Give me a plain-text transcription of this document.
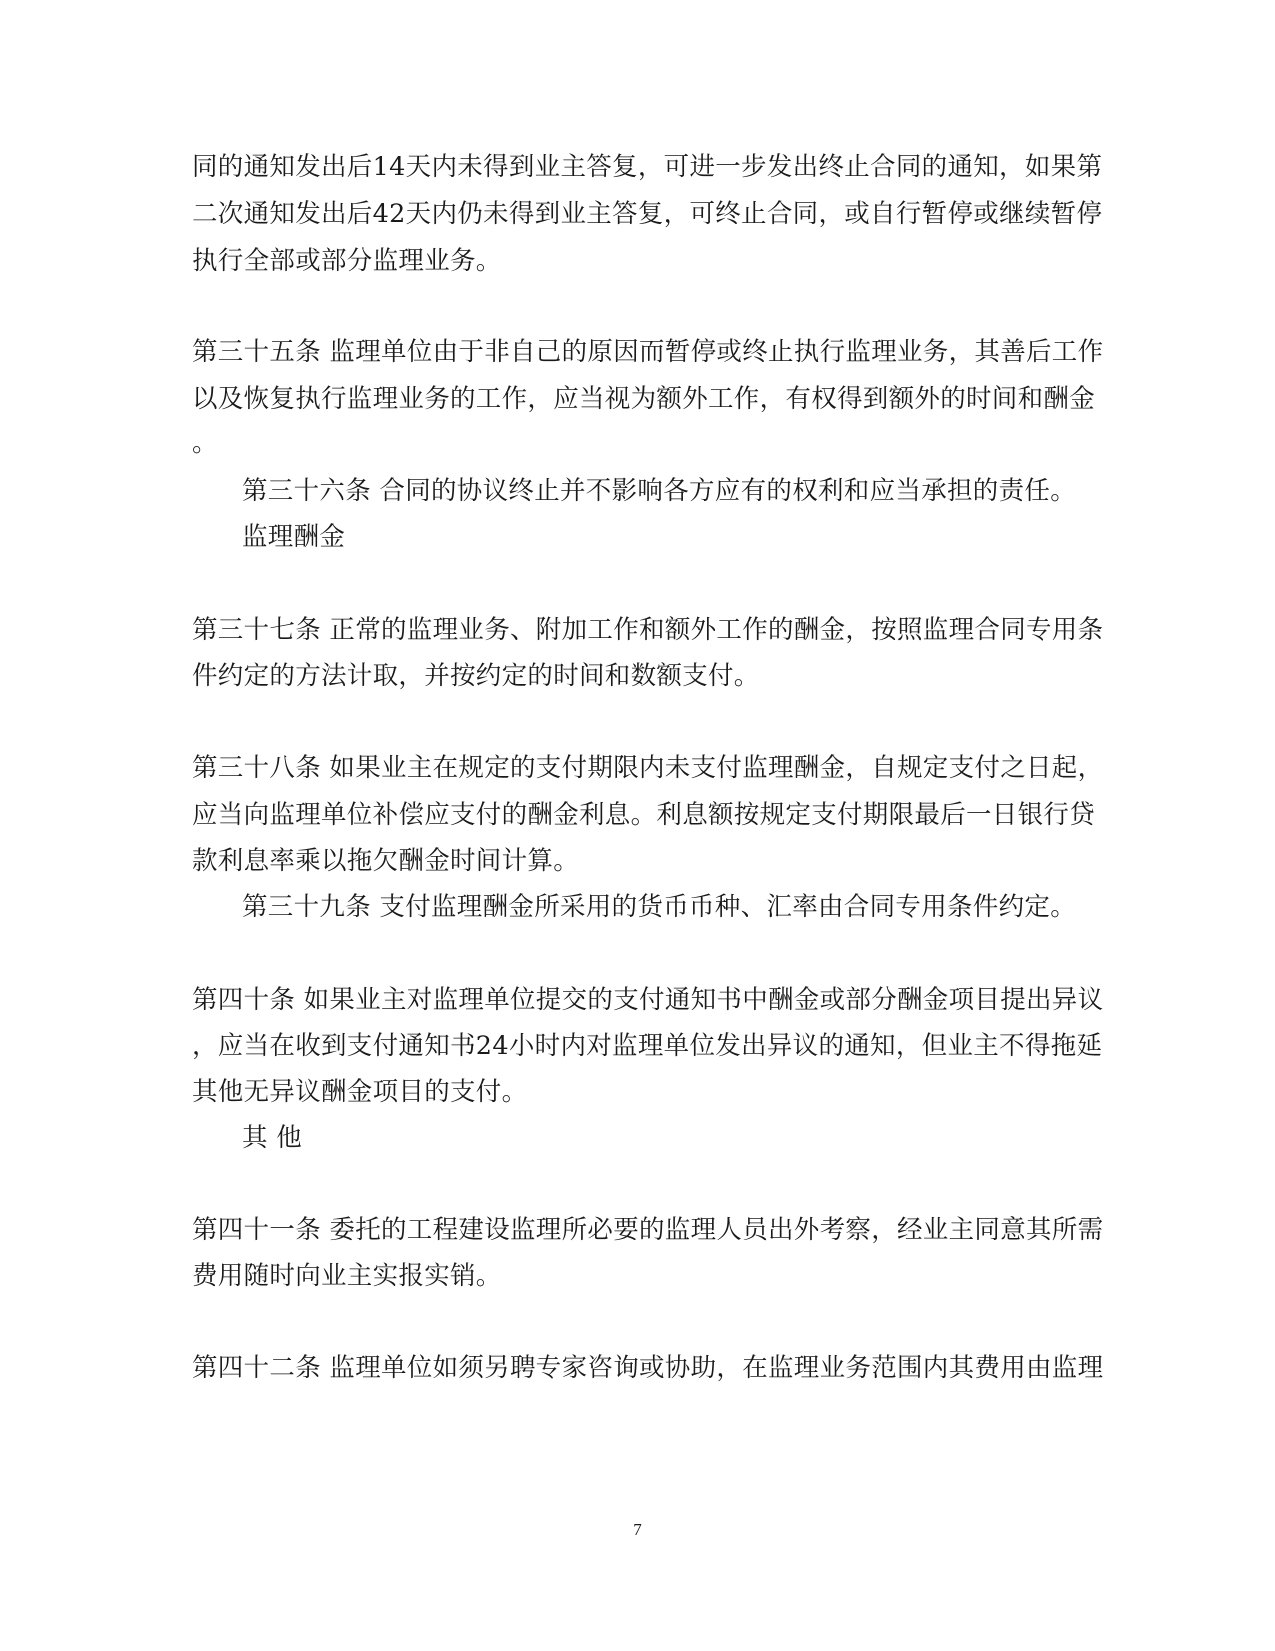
同的通知发出后14天内未得到业主答复，可进一步发出终止合同的通知，如果第
二次通知发出后42天内仍未得到业主答复，可终止合同，或自行暂停或继续暂停
执行全部或部分监理业务。
第三十五条 监理单位由于非自己的原因而暂停或终止执行监理业务，其善后工作
以及恢复执行监理业务的工作，应当视为额外工作，有权得到额外的时间和酬金
。
第三十六条 合同的协议终止并不影响各方应有的权利和应当承担的责任。
监理酬金
第三十七条 正常的监理业务、附加工作和额外工作的酬金，按照监理合同专用条
件约定的方法计取，并按约定的时间和数额支付。
第三十八条 如果业主在规定的支付期限内未支付监理酬金，自规定支付之日起，
应当向监理单位补偿应支付的酬金利息。利息额按规定支付期限最后一日银行贷
款利息率乘以拖欠酬金时间计算。
第三十九条 支付监理酬金所采用的货币币种、汇率由合同专用条件约定。
第四十条 如果业主对监理单位提交的支付通知书中酬金或部分酬金项目提出异议
，应当在收到支付通知书24小时内对监理单位发出异议的通知，但业主不得拖延
其他无异议酬金项目的支付。
其 他
第四十一条 委托的工程建设监理所必要的监理人员出外考察，经业主同意其所需
费用随时向业主实报实销。
第四十二条 监理单位如须另聘专家咨询或协助，在监理业务范围内其费用由监理
7
